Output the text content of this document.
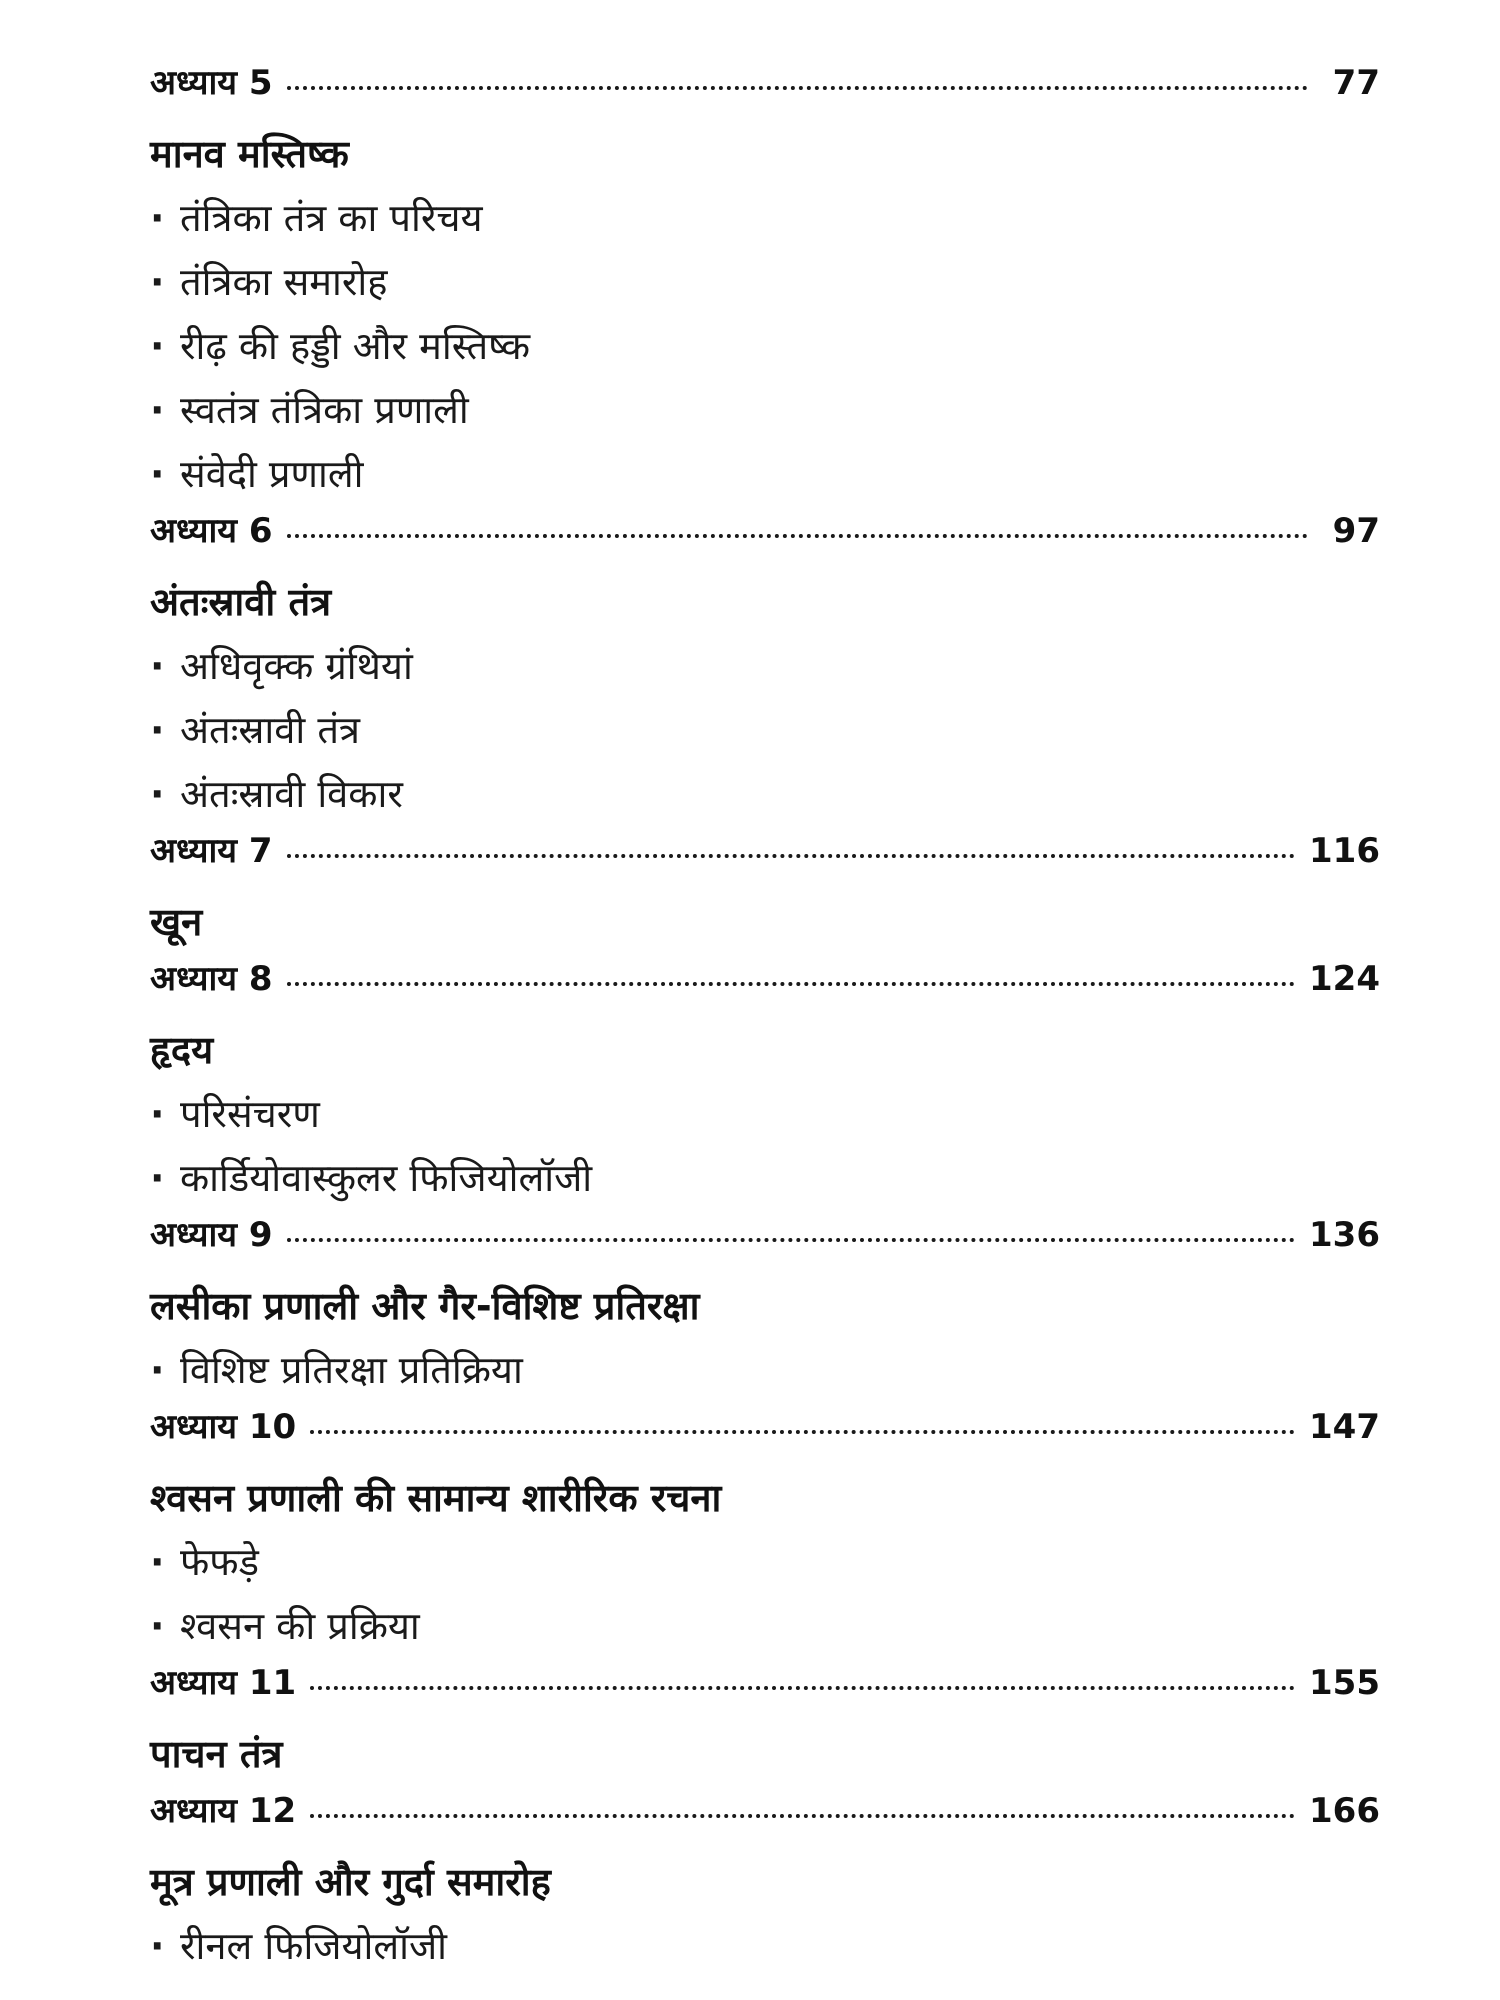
अध्याय 5	77
मानव मस्तिष्क
· तंत्रिका तंत्र का परिचय
· तंत्रिका समारोह
· रीढ़ की हड्डी और मस्तिष्क
· स्वतंत्र तंत्रिका प्रणाली
· संवेदी प्रणाली
अध्याय 6	97
अंतःस्रावी तंत्र
· अधिवृक्क ग्रंथियां
· अंतःस्रावी तंत्र
· अंतःस्रावी विकार
अध्याय 7	116
खून
अध्याय 8	124
हृदय
· परिसंचरण
· कार्डियोवास्कुलर फिजियोलॉजी
अध्याय 9	136
लसीका प्रणाली और गैर-विशिष्ट प्रतिरक्षा
· विशिष्ट प्रतिरक्षा प्रतिक्रिया
अध्याय 10	147
श्वसन प्रणाली की सामान्य शारीरिक रचना
· फेफड़े
· श्वसन की प्रक्रिया
अध्याय 11	155
पाचन तंत्र
अध्याय 12	166
मूत्र प्रणाली और गुर्दा समारोह
· रीनल फिजियोलॉजी
